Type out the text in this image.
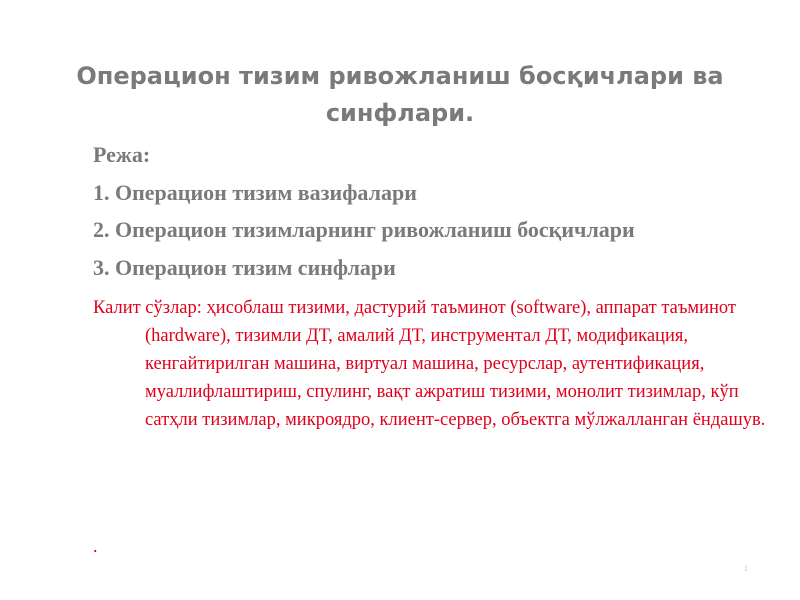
Операцион тизим ривожланиш босқичлари ва синфлари.

Режа:

1. Операцион тизим вазифалари

2. Операцион тизимларнинг ривожланиш босқичлари

3. Операцион тизим синфлари

Калит сўзлар: ҳисоблаш тизими, дастурий таъминот (software), аппарат таъминот (hardware), тизимли ДТ, амалий ДТ, инструментал ДТ, модификация, кенгайтирилган машина, виртуал машина, ресурслар, аутентификация, муаллифлаштириш, спулинг, вақт ажратиш тизими, монолит тизимлар, кўп сатҳли тизимлар, микроядро, клиент-сервер, объектга мўлжалланган ёндашув.

.
1
